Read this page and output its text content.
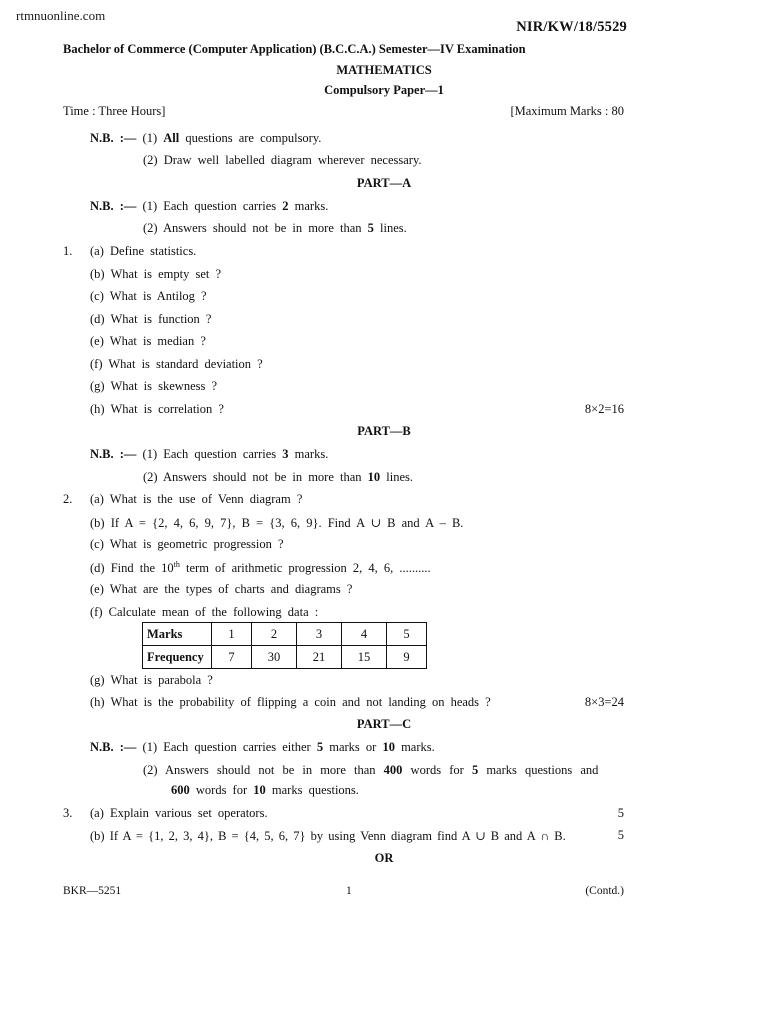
rtmnuonline.com
NIR/KW/18/5529
Bachelor of Commerce (Computer Application) (B.C.C.A.) Semester—IV Examination
MATHEMATICS
Compulsory Paper—1
Time : Three Hours]	[Maximum Marks : 80
N.B. :— (1) All questions are compulsory.
(2) Draw well labelled diagram wherever necessary.
PART—A
N.B. :— (1) Each question carries 2 marks.
(2) Answers should not be in more than 5 lines.
1. (a) Define statistics.
(b) What is empty set ?
(c) What is Antilog ?
(d) What is function ?
(e) What is median ?
(f) What is standard deviation ?
(g) What is skewness ?
(h) What is correlation ?	8×2=16
PART—B
N.B. :— (1) Each question carries 3 marks.
(2) Answers should not be in more than 10 lines.
2. (a) What is the use of Venn diagram ?
(b) If A = {2, 4, 6, 9, 7}, B = {3, 6, 9}. Find A ∪ B and A – B.
(c) What is geometric progression ?
(d) Find the 10th term of arithmetic progression 2, 4, 6, ..........
(e) What are the types of charts and diagrams ?
(f) Calculate mean of the following data :
Marks	1	2	3	4	5
Frequency	7	30	21	15	9
(g) What is parabola ?
(h) What is the probability of flipping a coin and not landing on heads ?	8×3=24
PART—C
N.B. :— (1) Each question carries either 5 marks or 10 marks.
(2) Answers should not be in more than 400 words for 5 marks questions and
600 words for 10 marks questions.
3. (a) Explain various set operators.	5
(b) If A = {1, 2, 3, 4}, B = {4, 5, 6, 7} by using Venn diagram find A ∪ B and A ∩ B.	5
OR
BKR—5251	1	(Contd.)
